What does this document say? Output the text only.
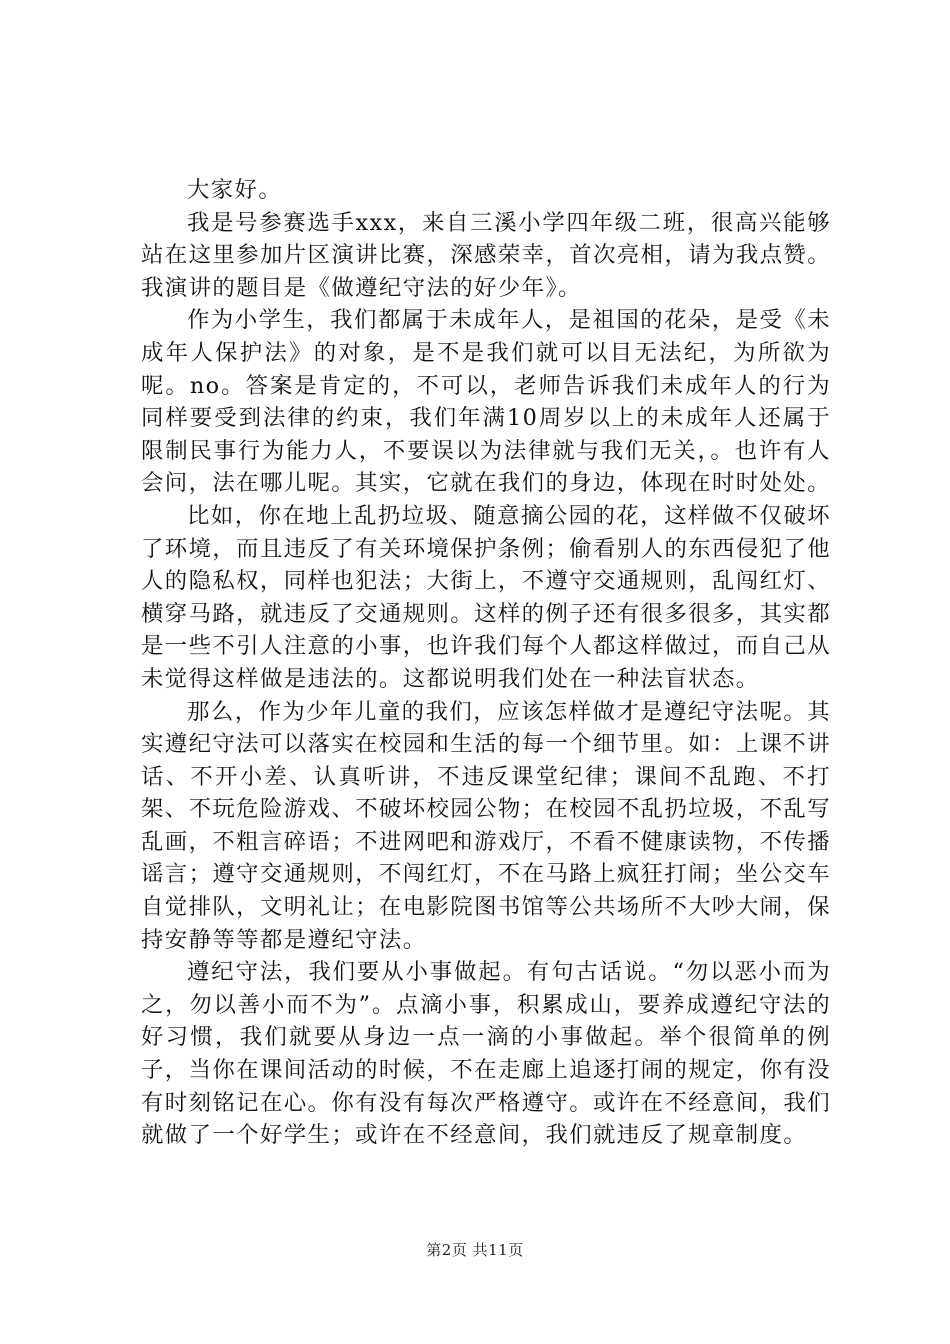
大家好。

我是号参赛选手xxx，来自三溪小学四年级二班，很高兴能够站在这里参加片区演讲比赛，深感荣幸，首次亮相，请为我点赞。我演讲的题目是《做遵纪守法的好少年》。

作为小学生，我们都属于未成年人，是祖国的花朵，是受《未成年人保护法》的对象，是不是我们就可以目无法纪，为所欲为呢。no。答案是肯定的，不可以，老师告诉我们未成年人的行为同样要受到法律的约束，我们年满10周岁以上的未成年人还属于限制民事行为能力人，不要误以为法律就与我们无关，。也许有人会问，法在哪儿呢。其实，它就在我们的身边，体现在时时处处。

比如，你在地上乱扔垃圾、随意摘公园的花，这样做不仅破坏了环境，而且违反了有关环境保护条例；偷看别人的东西侵犯了他人的隐私权，同样也犯法；大街上，不遵守交通规则，乱闯红灯、横穿马路，就违反了交通规则。这样的例子还有很多很多，其实都是一些不引人注意的小事，也许我们每个人都这样做过，而自己从未觉得这样做是违法的。这都说明我们处在一种法盲状态。

那么，作为少年儿童的我们，应该怎样做才是遵纪守法呢。其实遵纪守法可以落实在校园和生活的每一个细节里。如：上课不讲话、不开小差、认真听讲，不违反课堂纪律；课间不乱跑、不打架、不玩危险游戏、不破坏校园公物；在校园不乱扔垃圾，不乱写乱画，不粗言碎语；不进网吧和游戏厅，不看不健康读物，不传播谣言；遵守交通规则，不闯红灯，不在马路上疯狂打闹；坐公交车自觉排队，文明礼让；在电影院图书馆等公共场所不大吵大闹，保持安静等等都是遵纪守法。

遵纪守法，我们要从小事做起。有句古话说。“勿以恶小而为之，勿以善小而不为”。点滴小事，积累成山，要养成遵纪守法的好习惯，我们就要从身边一点一滴的小事做起。举个很简单的例子，当你在课间活动的时候，不在走廊上追逐打闹的规定，你有没有时刻铭记在心。你有没有每次严格遵守。或许在不经意间，我们就做了一个好学生；或许在不经意间，我们就违反了规章制度。

第2页 共11页
